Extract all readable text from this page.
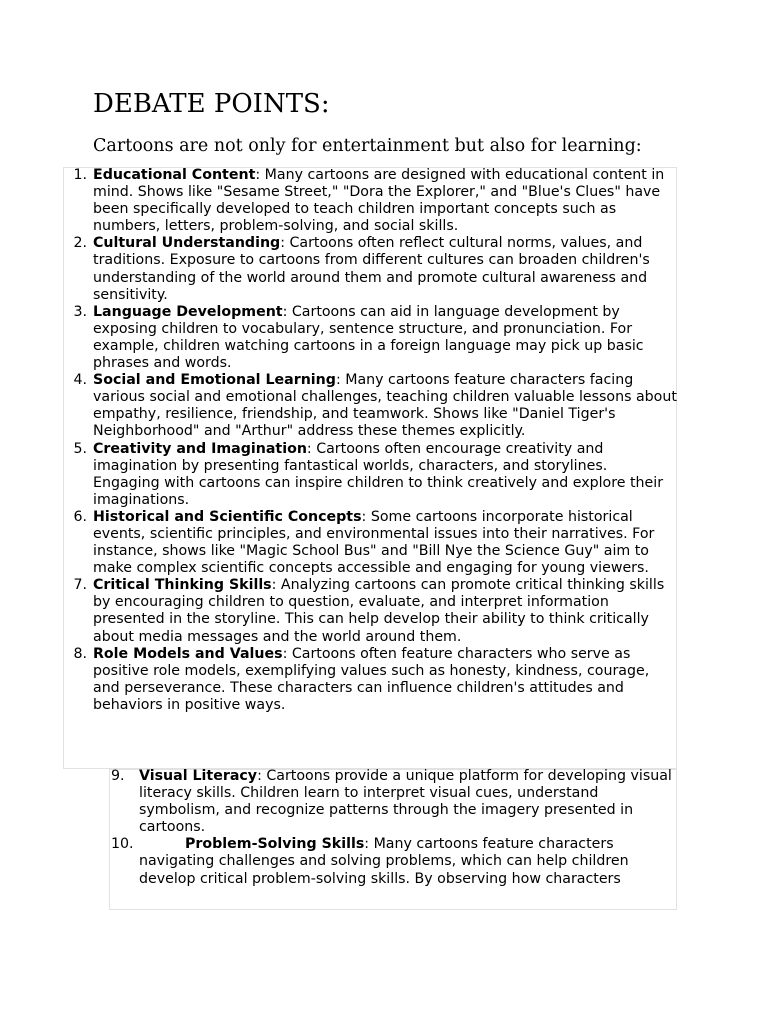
DEBATE POINTS:
Cartoons are not only for entertainment but also for learning:
1. Educational Content: Many cartoons are designed with educational content in mind. Shows like "Sesame Street," "Dora the Explorer," and "Blue's Clues" have been specifically developed to teach children important concepts such as numbers, letters, problem-solving, and social skills.
2. Cultural Understanding: Cartoons often reflect cultural norms, values, and traditions. Exposure to cartoons from different cultures can broaden children's understanding of the world around them and promote cultural awareness and sensitivity.
3. Language Development: Cartoons can aid in language development by exposing children to vocabulary, sentence structure, and pronunciation. For example, children watching cartoons in a foreign language may pick up basic phrases and words.
4. Social and Emotional Learning: Many cartoons feature characters facing various social and emotional challenges, teaching children valuable lessons about empathy, resilience, friendship, and teamwork. Shows like "Daniel Tiger's Neighborhood" and "Arthur" address these themes explicitly.
5. Creativity and Imagination: Cartoons often encourage creativity and imagination by presenting fantastical worlds, characters, and storylines. Engaging with cartoons can inspire children to think creatively and explore their imaginations.
6. Historical and Scientific Concepts: Some cartoons incorporate historical events, scientific principles, and environmental issues into their narratives. For instance, shows like "Magic School Bus" and "Bill Nye the Science Guy" aim to make complex scientific concepts accessible and engaging for young viewers.
7. Critical Thinking Skills: Analyzing cartoons can promote critical thinking skills by encouraging children to question, evaluate, and interpret information presented in the storyline. This can help develop their ability to think critically about media messages and the world around them.
8. Role Models and Values: Cartoons often feature characters who serve as positive role models, exemplifying values such as honesty, kindness, courage, and perseverance. These characters can influence children's attitudes and behaviors in positive ways.
9. Visual Literacy: Cartoons provide a unique platform for developing visual literacy skills. Children learn to interpret visual cues, understand symbolism, and recognize patterns through the imagery presented in cartoons.
10.	Problem-Solving Skills: Many cartoons feature characters navigating challenges and solving problems, which can help children develop critical problem-solving skills. By observing how characters
